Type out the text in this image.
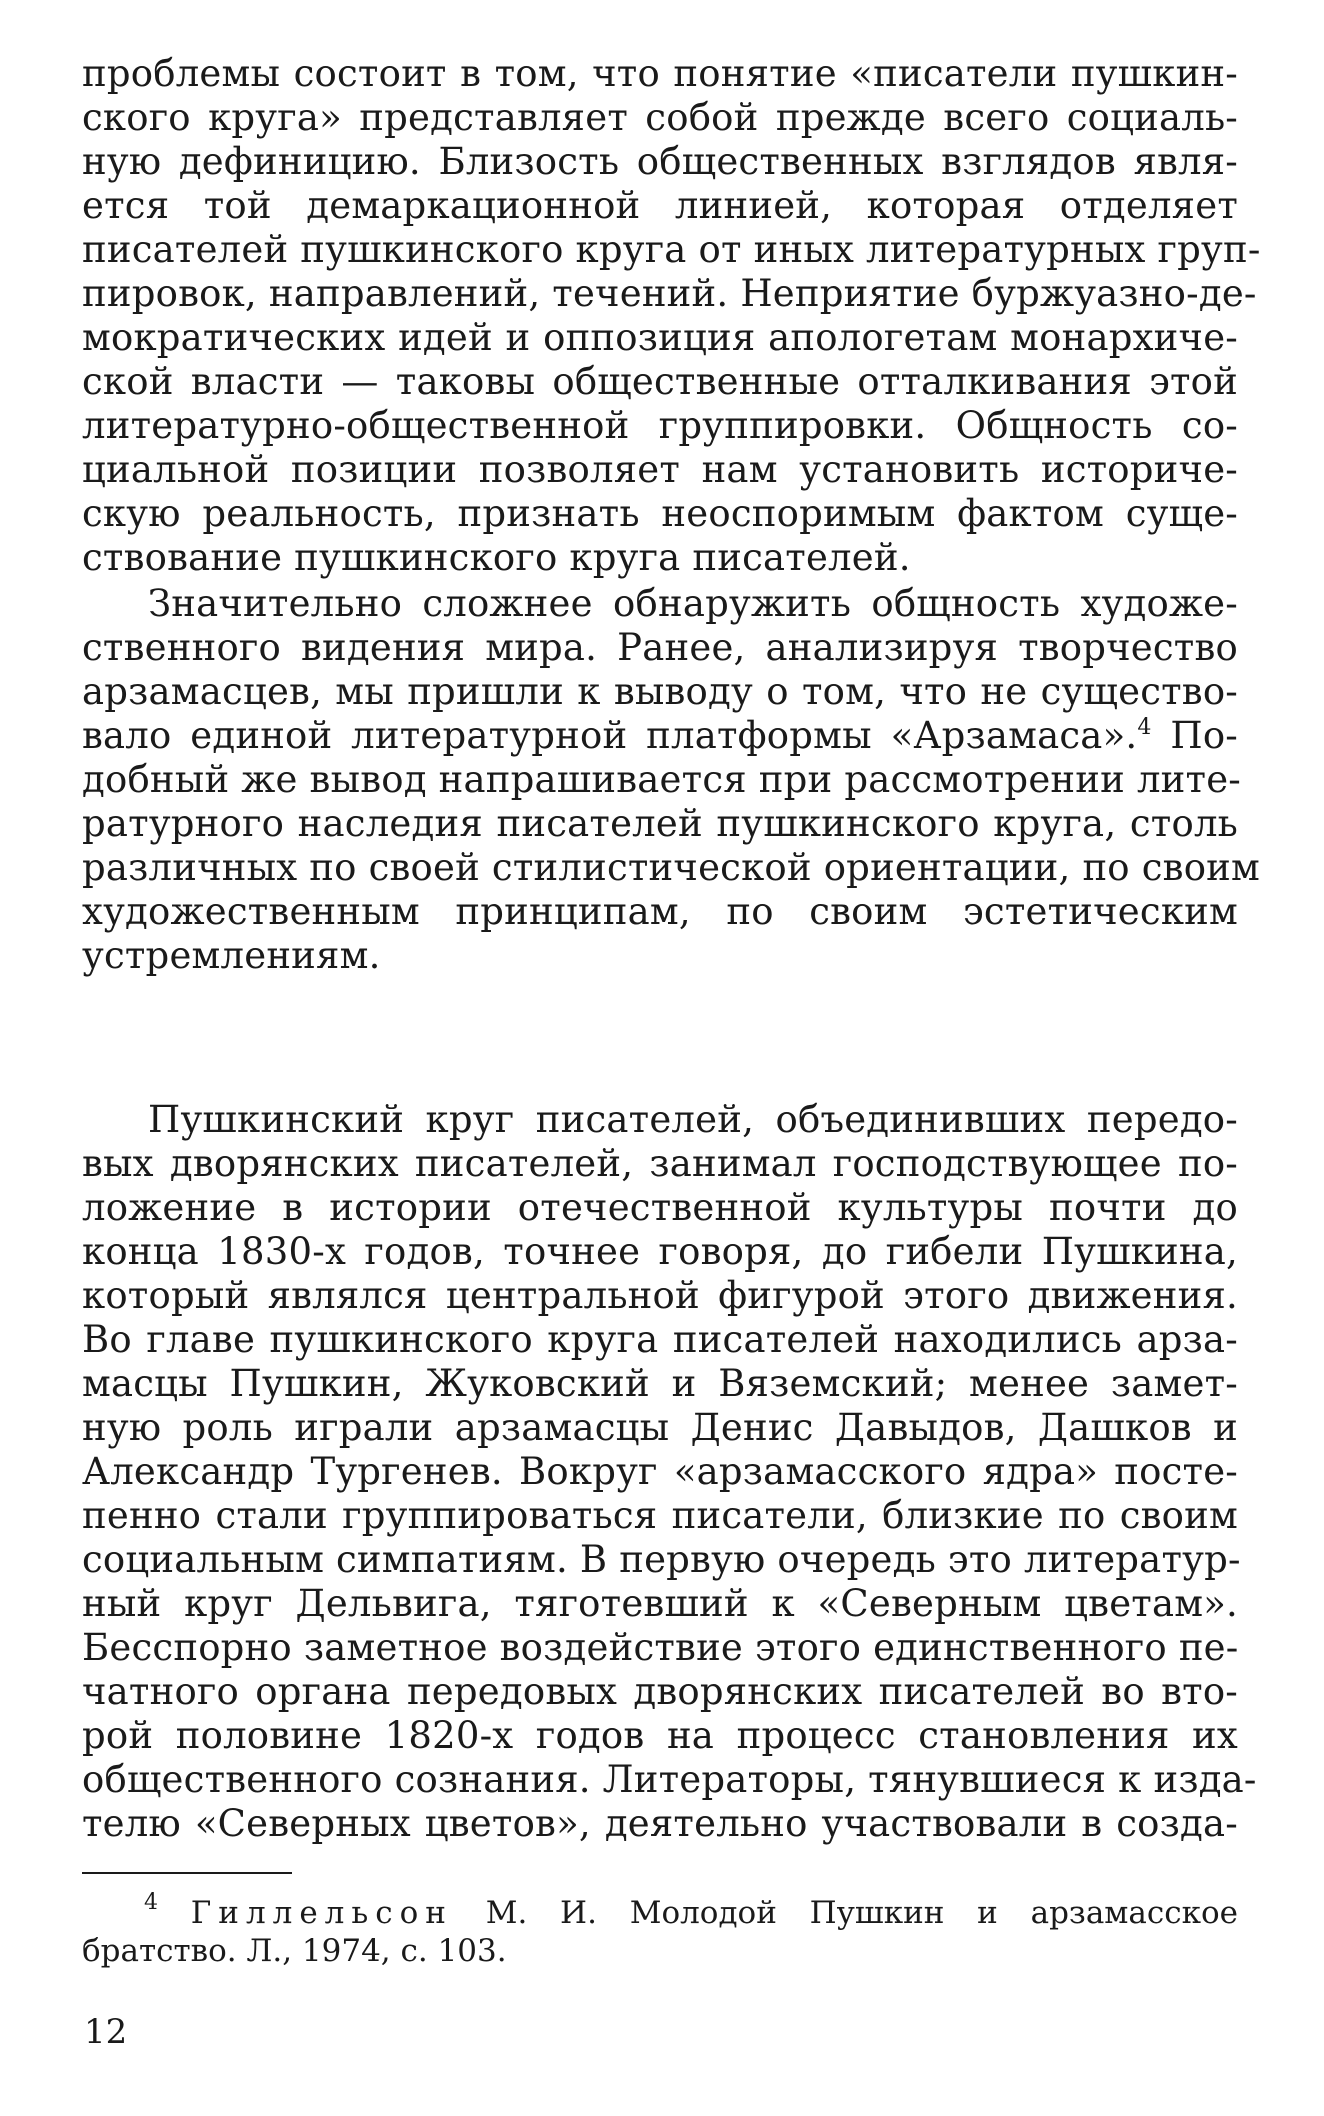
проблемы состоит в том, что понятие «писатели пушкин-
ского круга» представляет собой прежде всего социаль-
ную дефиницию. Близость общественных взглядов явля-
ется той демаркационной линией, которая отделяет
писателей пушкинского круга от иных литературных груп-
пировок, направлений, течений. Неприятие буржуазно-де-
мократических идей и оппозиция апологетам монархиче-
ской власти — таковы общественные отталкивания этой
литературно-общественной группировки. Общность со-
циальной позиции позволяет нам установить историче-
скую реальность, признать неоспоримым фактом суще-
ствование пушкинского круга писателей.
Значительно сложнее обнаружить общность художе-
ственного видения мира. Ранее, анализируя творчество
арзамасцев, мы пришли к выводу о том, что не существо-
вало единой литературной платформы «Арзамаса».$^4$ По-
добный же вывод напрашивается при рассмотрении лите-
ратурного наследия писателей пушкинского круга, столь
различных по своей стилистической ориентации, по своим
художественным принципам, по своим эстетическим
устремлениям.
Пушкинский круг писателей, объединивших передо-
вых дворянских писателей, занимал господствующее по-
ложение в истории отечественной культуры почти до
конца 1830-х годов, точнее говоря, до гибели Пушкина,
который являлся центральной фигурой этого движения.
Во главе пушкинского круга писателей находились арза-
масцы Пушкин, Жуковский и Вяземский; менее замет-
ную роль играли арзамасцы Денис Давыдов, Дашков и
Александр Тургенев. Вокруг «арзамасского ядра» посте-
пенно стали группироваться писатели, близкие по своим
социальным симпатиям. В первую очередь это литератур-
ный круг Дельвига, тяготевший к «Северным цветам».
Бесспорно заметное воздействие этого единственного пе-
чатного органа передовых дворянских писателей во вто-
рой половине 1820-х годов на процесс становления их
общественного сознания. Литераторы, тянувшиеся к изда-
телю «Северных цветов», деятельно участвовали в созда-
$^4$ Гиллельсон М. И. Молодой Пушкин и арзамасское
братство. Л., 1974, с. 103.
12
